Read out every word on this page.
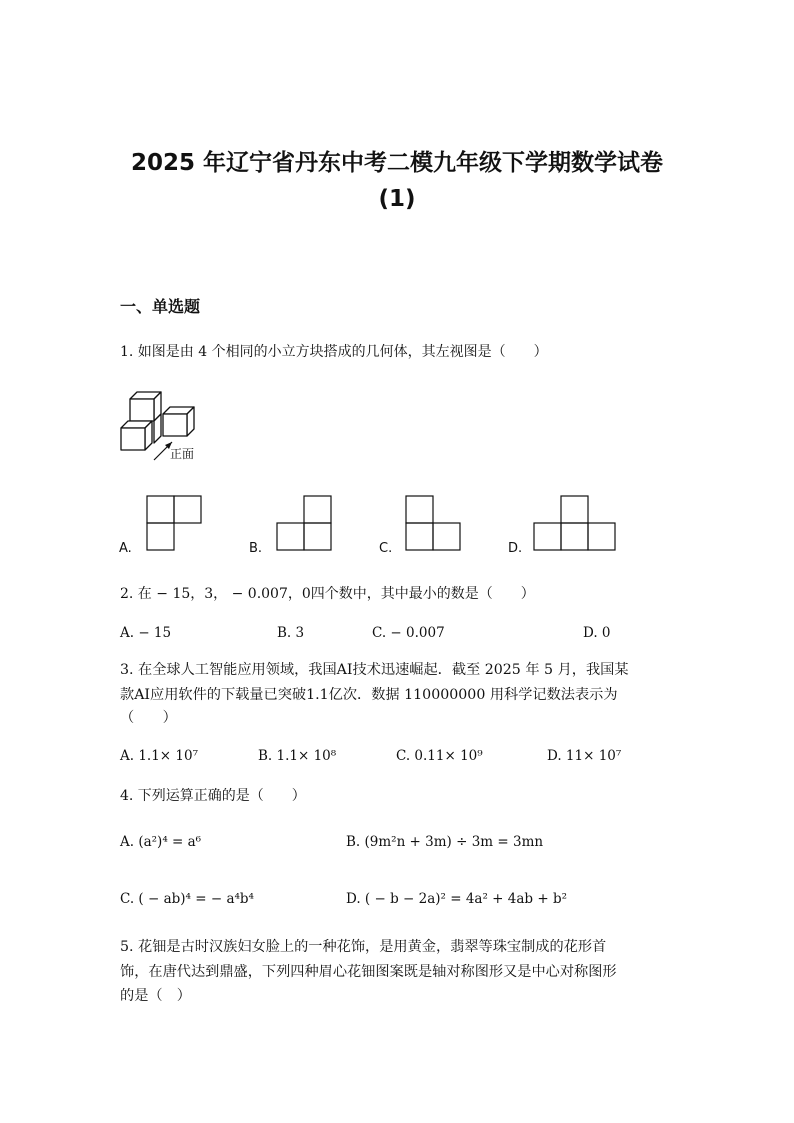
2025 年辽宁省丹东中考二模九年级下学期数学试卷
(1)
一、单选题
1. 如图是由 4 个相同的小立方块搭成的几何体，其左视图是（　　）
正面
A.	B.	C.	D.
2. 在 − 15，3， − 0.007，0四个数中，其中最小的数是（　　）
A. − 15	B. 3	C. − 0.007	D. 0
3. 在全球人工智能应用领域，我国AI技术迅速崛起．截至 2025 年 5 月，我国某
款AI应用软件的下载量已突破1.1亿次．数据 110000000 用科学记数法表示为
（　　）
A. 1.1× 10⁷	B. 1.1× 10⁸	C. 0.11× 10⁹	D. 11× 10⁷
4. 下列运算正确的是（　　）
A. (a²)⁴ = a⁶	B. (9m²n + 3m) ÷ 3m = 3mn
C. ( − ab)⁴ = − a⁴b⁴	D. ( − b − 2a)² = 4a² + 4ab + b²
5. 花钿是古时汉族妇女脸上的一种花饰，是用黄金，翡翠等珠宝制成的花形首
饰，在唐代达到鼎盛，下列四种眉心花钿图案既是轴对称图形又是中心对称图形
的是（　）
